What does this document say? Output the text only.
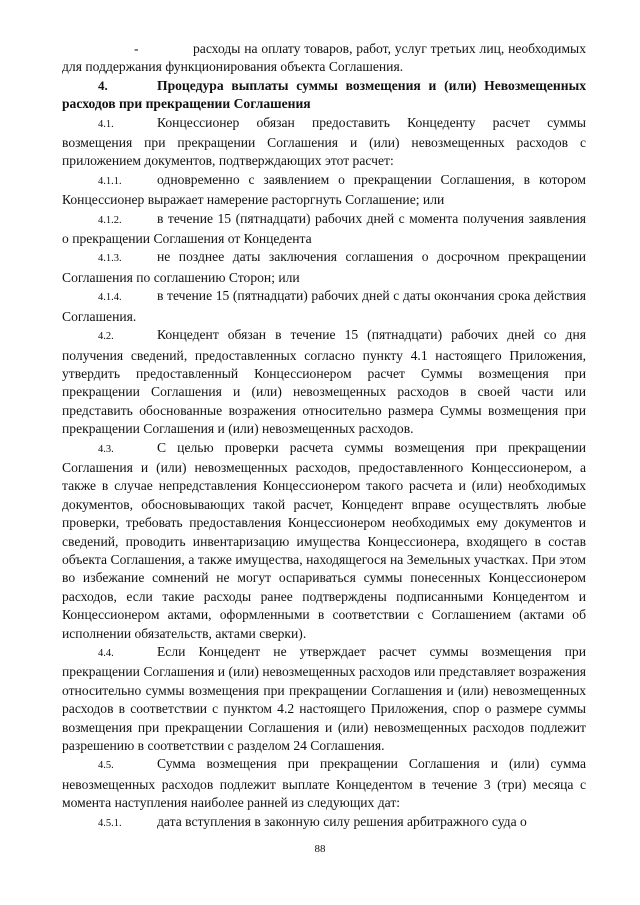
-	расходы на оплату товаров, работ, услуг третьих лиц, необходимых для поддержания функционирования объекта Соглашения.

4.	Процедура выплаты суммы возмещения и (или) Невозмещенных расходов при прекращении Соглашения

4.1.	Концессионер обязан предоставить Концеденту расчет суммы возмещения при прекращении Соглашения и (или) невозмещенных расходов с приложением документов, подтверждающих этот расчет:

4.1.1.	одновременно с заявлением о прекращении Соглашения, в котором Концессионер выражает намерение расторгнуть Соглашение; или

4.1.2.	в течение 15 (пятнадцати) рабочих дней с момента получения заявления о прекращении Соглашения от Концедента

4.1.3.	не позднее даты заключения соглашения о досрочном прекращении Соглашения по соглашению Сторон; или

4.1.4.	в течение 15 (пятнадцати) рабочих дней с даты окончания срока действия Соглашения.

4.2.	Концедент обязан в течение 15 (пятнадцати) рабочих дней со дня получения сведений, предоставленных согласно пункту 4.1 настоящего Приложения, утвердить предоставленный Концессионером расчет Суммы возмещения при прекращении Соглашения и (или) невозмещенных расходов в своей части или представить обоснованные возражения относительно размера Суммы возмещения при прекращении Соглашения и (или) невозмещенных расходов.

4.3.	С целью проверки расчета суммы возмещения при прекращении Соглашения и (или) невозмещенных расходов, предоставленного Концессионером, а также в случае непредставления Концессионером такого расчета и (или) необходимых документов, обосновывающих такой расчет, Концедент вправе осуществлять любые проверки, требовать предоставления Концессионером необходимых ему документов и сведений, проводить инвентаризацию имущества Концессионера, входящего в состав объекта Соглашения, а также имущества, находящегося на Земельных участках. При этом во избежание сомнений не могут оспариваться суммы понесенных Концессионером расходов, если такие расходы ранее подтверждены подписанными Концедентом и Концессионером актами, оформленными в соответствии с Соглашением (актами об исполнении обязательств, актами сверки).

4.4.	Если Концедент не утверждает расчет суммы возмещения при прекращении Соглашения и (или) невозмещенных расходов или представляет возражения относительно суммы возмещения при прекращении Соглашения и (или) невозмещенных расходов в соответствии с пунктом 4.2 настоящего Приложения, спор о размере суммы возмещения при прекращении Соглашения и (или) невозмещенных расходов подлежит разрешению в соответствии с разделом 24 Соглашения.

4.5.	Сумма возмещения при прекращении Соглашения и (или) сумма невозмещенных расходов подлежит выплате Концедентом в течение 3 (три) месяца с момента наступления наиболее ранней из следующих дат:

4.5.1.	дата вступления в законную силу решения арбитражного суда о

88
